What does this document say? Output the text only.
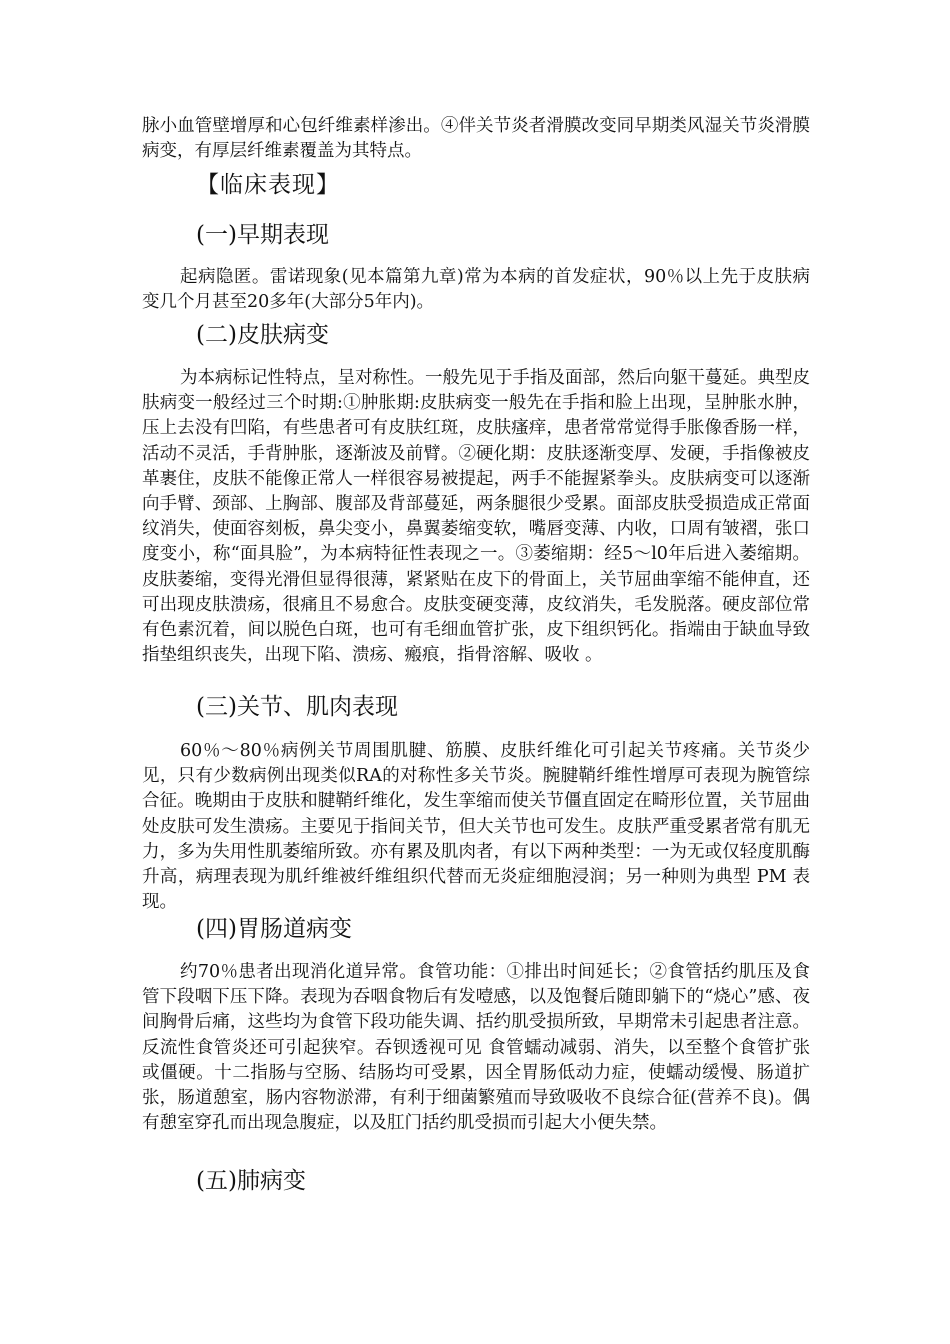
脉小血管壁增厚和心包纤维素样渗出。④伴关节炎者滑膜改变同早期类风湿关节炎滑膜病变，有厚层纤维素覆盖为其特点。

【临床表现】
(一)早期表现

起病隐匿。雷诺现象(见本篇第九章)常为本病的首发症状，90％以上先于皮肤病变几个月甚至20多年(大部分5年内)。

(二)皮肤病变

为本病标记性特点，呈对称性。一般先见于手指及面部，然后向躯干蔓延。典型皮肤病变一般经过三个时期:①肿胀期:皮肤病变一般先在手指和脸上出现，呈肿胀水肿，压上去没有凹陷，有些患者可有皮肤红斑，皮肤瘙痒，患者常常觉得手胀像香肠一样，活动不灵活，手背肿胀，逐渐波及前臂。②硬化期：皮肤逐渐变厚、发硬，手指像被皮革裹住，皮肤不能像正常人一样很容易被提起，两手不能握紧拳头。皮肤病变可以逐渐向手臂、颈部、上胸部、腹部及背部蔓延，两条腿很少受累。面部皮肤受损造成正常面纹消失，使面容刻板，鼻尖变小，鼻翼萎缩变软，嘴唇变薄、内收，口周有皱褶，张口度变小，称“面具脸”，为本病特征性表现之一。③萎缩期：经5～l0年后进入萎缩期。皮肤萎缩，变得光滑但显得很薄，紧紧贴在皮下的骨面上，关节屈曲挛缩不能伸直，还可出现皮肤溃疡，很痛且不易愈合。皮肤变硬变薄，皮纹消失，毛发脱落。硬皮部位常有色素沉着，间以脱色白斑，也可有毛细血管扩张，皮下组织钙化。指端由于缺血导致指垫组织丧失，出现下陷、溃疡、瘢痕，指骨溶解、吸收 。

(三)关节、肌肉表现

60％～80％病例关节周围肌腱、筋膜、皮肤纤维化可引起关节疼痛。关节炎少见，只有少数病例出现类似RA的对称性多关节炎。腕腱鞘纤维性增厚可表现为腕管综合征。晚期由于皮肤和腱鞘纤维化，发生挛缩而使关节僵直固定在畸形位置，关节屈曲处皮肤可发生溃疡。主要见于指间关节，但大关节也可发生。皮肤严重受累者常有肌无力，多为失用性肌萎缩所致。亦有累及肌肉者，有以下两种类型：一为无或仅轻度肌酶升高，病理表现为肌纤维被纤维组织代替而无炎症细胞浸润；另一种则为典型 PM 表现。

(四)胃肠道病变

约70％患者出现消化道异常。食管功能：①排出时间延长；②食管括约肌压及食管下段咽下压下降。表现为吞咽食物后有发噎感，以及饱餐后随即躺下的“烧心”感、夜间胸骨后痛，这些均为食管下段功能失调、括约肌受损所致，早期常未引起患者注意。 反流性食管炎还可引起狭窄。吞钡透视可见 食管蠕动减弱、消失，以至整个食管扩张或僵硬。十二指肠与空肠、结肠均可受累，因全胃肠低动力症，使蠕动缓慢、肠道扩张，肠道憩室，肠内容物淤滞，有利于细菌繁殖而导致吸收不良综合征(营养不良)。偶有憩室穿孔而出现急腹症，以及肛门括约肌受损而引起大小便失禁。

(五)肺病变
